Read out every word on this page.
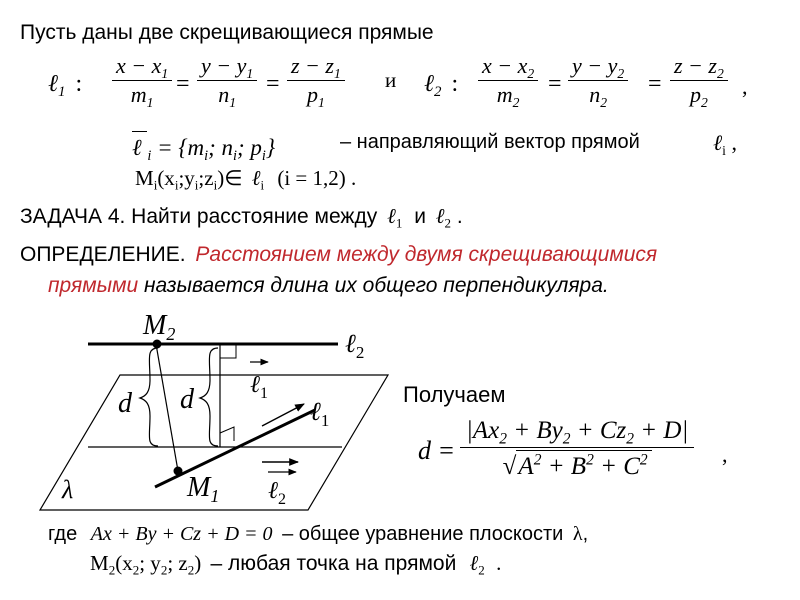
Пусть даны две скрещивающиеся прямые
ℓ$_1$ : $\frac{x - x_1}{m_1} = \frac{y - y_1}{n_1} = \frac{z - z_1}{p_1}$ и ℓ$_2$ : $\frac{x - x_2}{m_2} = \frac{y - y_2}{n_2} = \frac{z - z_2}{p_2}$ ,
ℓ $_i = \{m_i$; $n_i$; $p_i$}	– направляющий вектор прямой	ℓ$_i$ ,
$M_i(x_i;y_i;z_i)\in$ ℓ$_i$ (i = 1,2) .
ЗАДАЧА 4. Найти расстояние между ℓ$_1$ и ℓ$_2$ .
ОПРЕДЕЛЕНИЕ. Расстоянием между двумя скрещивающимися
прямыми называется длина их общего перпендикуляра.
$M_2$	ℓ$_2$
ℓ$_1$
ℓ$_1$
ℓ$_2$
d d
$M_1$
λ
Получаем
$d = \frac{|Ax_2 + By_2 + Cz_2 + D|}{√A^2 + B^2 + C^2}$ ,
где Ax + By + Cz + D = 0 – общее уравнение плоскости λ,
$M_2(x_2$; $y_2$; $z_2$) – любая точка на прямой ℓ$_2$ .
